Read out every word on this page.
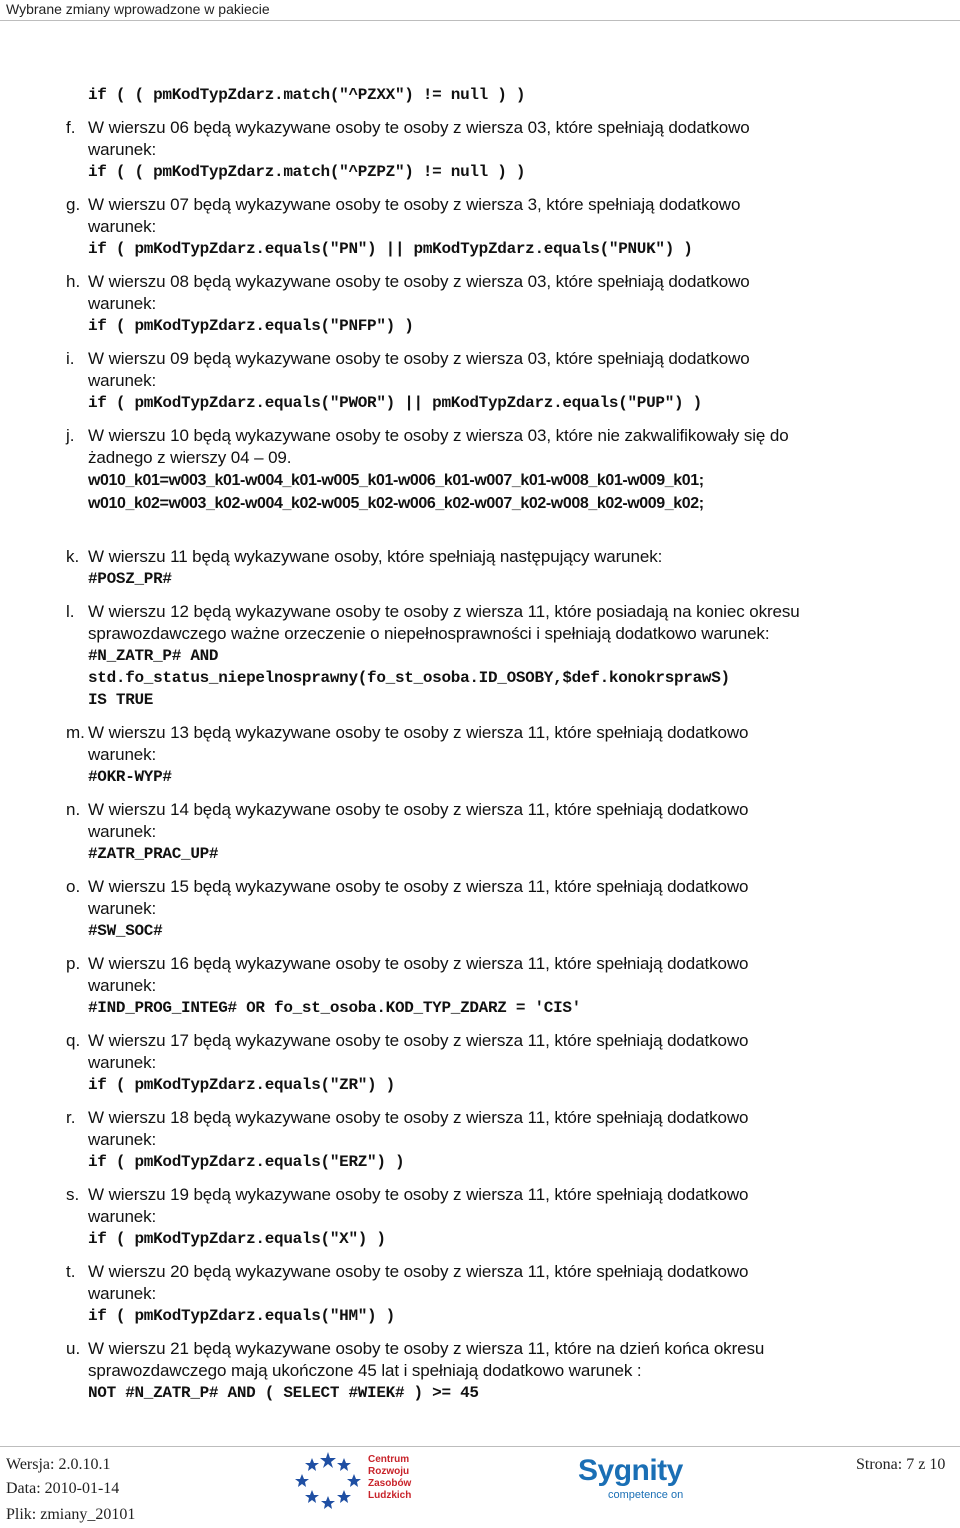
Wybrane zmiany wprowadzone w pakiecie
if ( ( pmKodTypZdarz.match("^PZXX") != null ) )
f. W wierszu 06 będą wykazywane osoby te osoby z wiersza 03, które spełniają dodatkowo
warunek:
if ( ( pmKodTypZdarz.match("^PZPZ") != null ) )
g. W wierszu 07 będą wykazywane osoby te osoby z wiersza 3, które spełniają dodatkowo
warunek:
if ( pmKodTypZdarz.equals("PN") || pmKodTypZdarz.equals("PNUK") )
h. W wierszu 08 będą wykazywane osoby te osoby z wiersza 03, które spełniają dodatkowo
warunek:
if ( pmKodTypZdarz.equals("PNFP") )
i. W wierszu 09 będą wykazywane osoby te osoby z wiersza 03, które spełniają dodatkowo
warunek:
if ( pmKodTypZdarz.equals("PWOR") || pmKodTypZdarz.equals("PUP") )
j. W wierszu 10 będą wykazywane osoby te osoby z wiersza 03, które nie zakwalifikowały się do
żadnego z wierszy 04 – 09.
w010_k01=w003_k01-w004_k01-w005_k01-w006_k01-w007_k01-w008_k01-w009_k01;
w010_k02=w003_k02-w004_k02-w005_k02-w006_k02-w007_k02-w008_k02-w009_k02;
k. W wierszu 11 będą wykazywane osoby, które spełniają następujący warunek:
#POSZ_PR#
l. W wierszu 12 będą wykazywane osoby te osoby z wiersza 11, które posiadają na koniec okresu
sprawozdawczego ważne orzeczenie o niepełnosprawności i spełniają dodatkowo warunek:
#N_ZATR_P# AND
std.fo_status_niepelnosprawny(fo_st_osoba.ID_OSOBY,$def.konokrsprawS)
IS TRUE
m. W wierszu 13 będą wykazywane osoby te osoby z wiersza 11, które spełniają dodatkowo
warunek:
#OKR-WYP#
n. W wierszu 14 będą wykazywane osoby te osoby z wiersza 11, które spełniają dodatkowo
warunek:
#ZATR_PRAC_UP#
o. W wierszu 15 będą wykazywane osoby te osoby z wiersza 11, które spełniają dodatkowo
warunek:
#SW_SOC#
p. W wierszu 16 będą wykazywane osoby te osoby z wiersza 11, które spełniają dodatkowo
warunek:
#IND_PROG_INTEG# OR fo_st_osoba.KOD_TYP_ZDARZ = 'CIS'
q. W wierszu 17 będą wykazywane osoby te osoby z wiersza 11, które spełniają dodatkowo
warunek:
if ( pmKodTypZdarz.equals("ZR") )
r. W wierszu 18 będą wykazywane osoby te osoby z wiersza 11, które spełniają dodatkowo
warunek:
if ( pmKodTypZdarz.equals("ERZ") )
s. W wierszu 19 będą wykazywane osoby te osoby z wiersza 11, które spełniają dodatkowo
warunek:
if ( pmKodTypZdarz.equals("X") )
t. W wierszu 20 będą wykazywane osoby te osoby z wiersza 11, które spełniają dodatkowo
warunek:
if ( pmKodTypZdarz.equals("HM") )
u. W wierszu 21 będą wykazywane osoby te osoby z wiersza 11, które na dzień końca okresu
sprawozdawczego mają ukończone 45 lat i spełniają dodatkowo warunek :
NOT #N_ZATR_P# AND ( SELECT #WIEK# ) >= 45
Wersja: 2.0.10.1
Data: 2010-01-14
Plik: zmiany_20101
Strona: 7 z 10
Centrum
Rozwoju
Zasobów
Ludzkich
Sygnity
competence on
